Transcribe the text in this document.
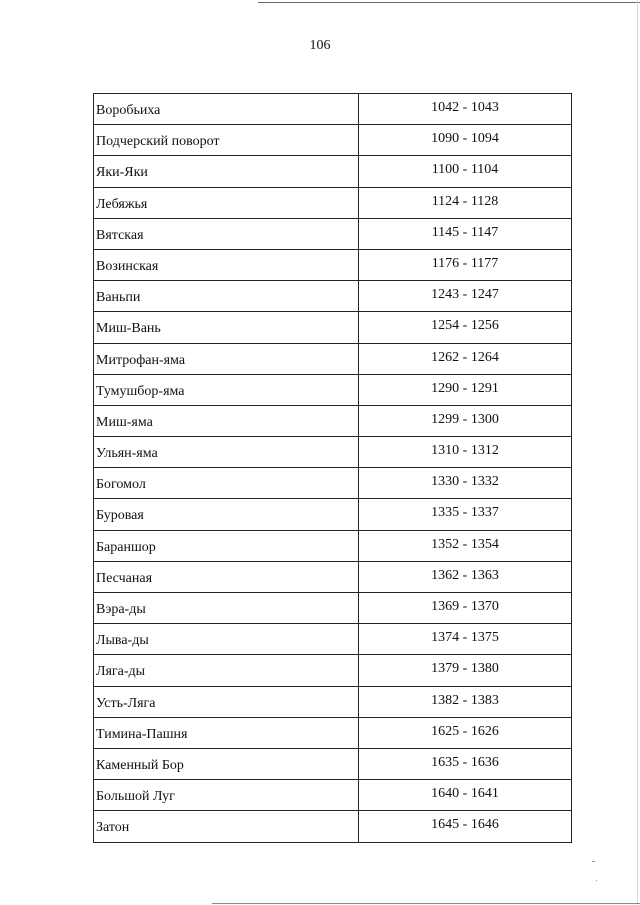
106
Воробьиха	1042 - 1043
Подчерский поворот	1090 - 1094
Яки-Яки	1100 - 1104
Лебяжья	1124 - 1128
Вятская	1145 - 1147
Возинская	1176 - 1177
Ваньпи	1243 - 1247
Миш-Вань	1254 - 1256
Митрофан-яма	1262 - 1264
Тумушбор-яма	1290 - 1291
Миш-яма	1299 - 1300
Ульян-яма	1310 - 1312
Богомол	1330 - 1332
Буровая	1335 - 1337
Бараншор	1352 - 1354
Песчаная	1362 - 1363
Вэра-ды	1369 - 1370
Лыва-ды	1374 - 1375
Ляга-ды	1379 - 1380
Усть-Ляга	1382 - 1383
Тимина-Пашня	1625 - 1626
Каменный Бор	1635 - 1636
Большой Луг	1640 - 1641
Затон	1645 - 1646
